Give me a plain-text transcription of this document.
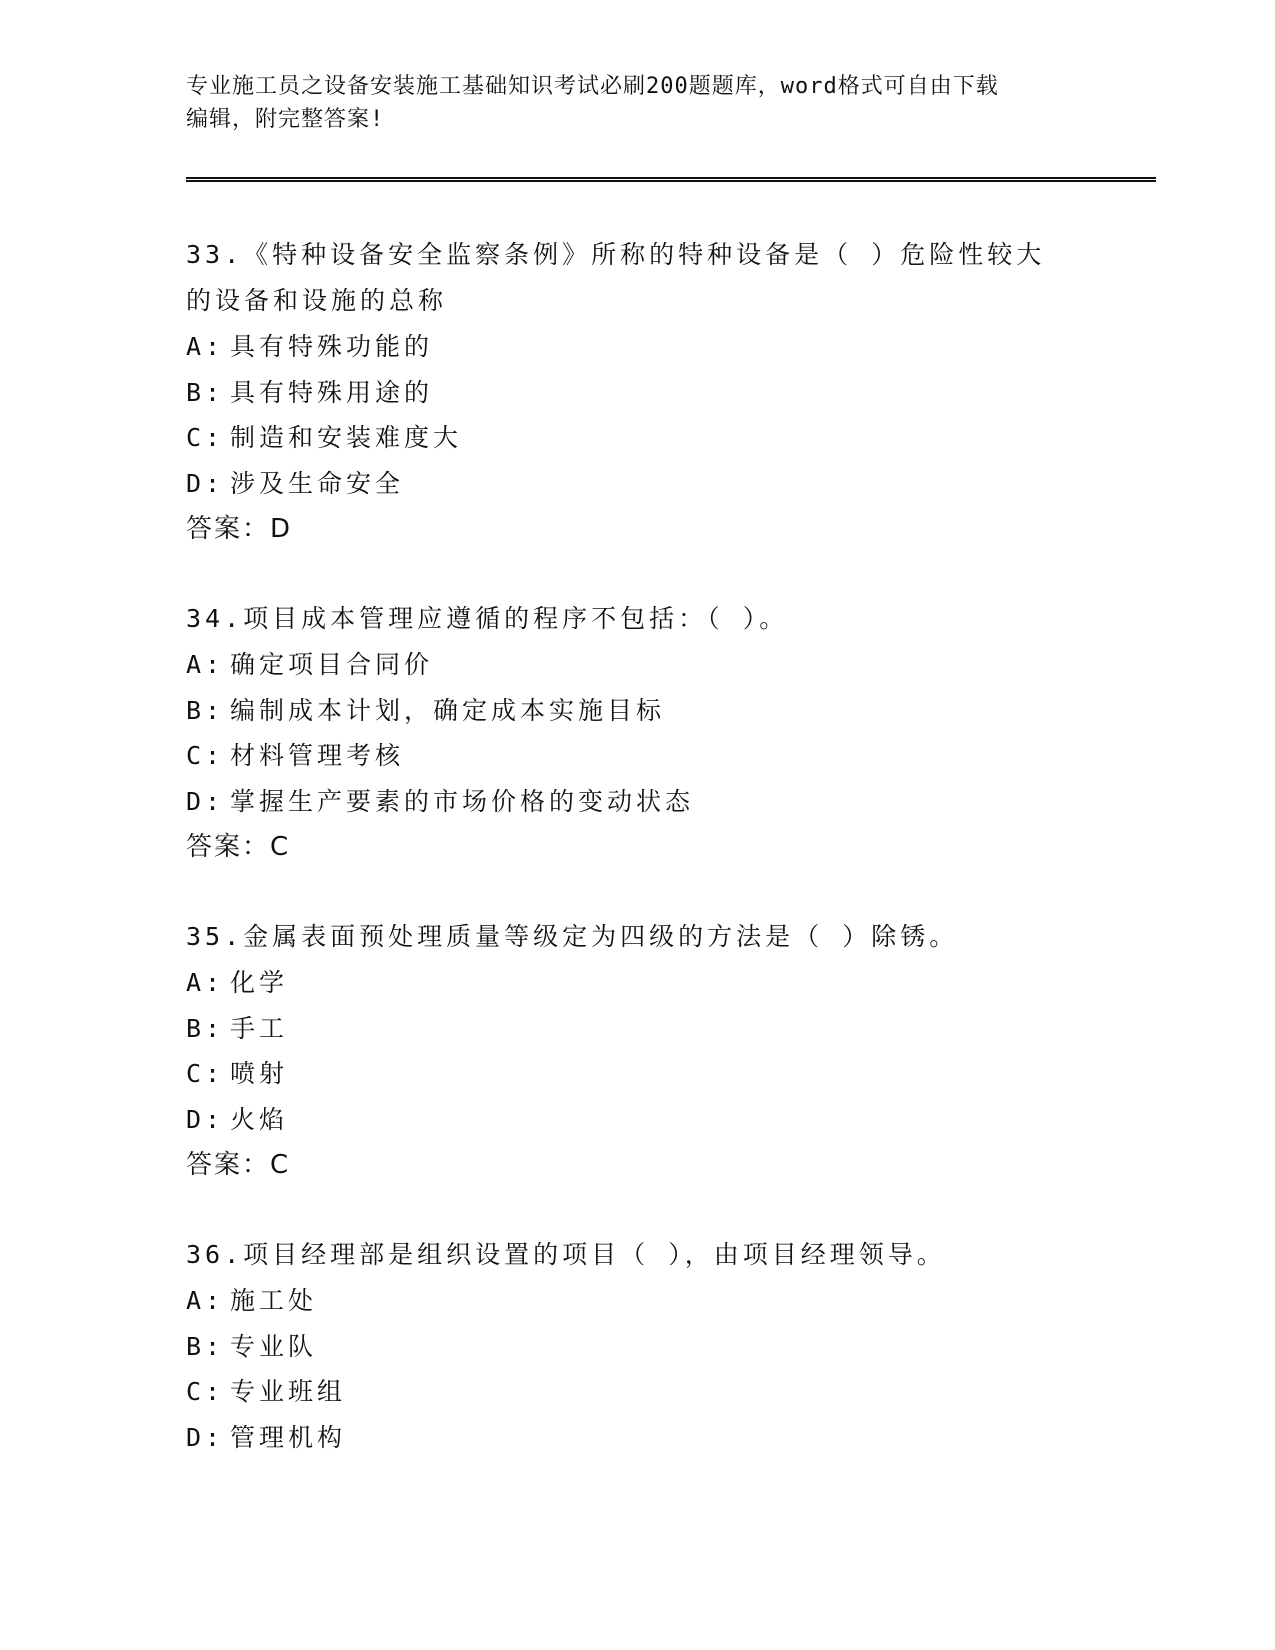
专业施工员之设备安装施工基础知识考试必刷200题题库，word格式可自由下载
编辑，附完整答案!
33.《特种设备安全监察条例》所称的特种设备是（ ）危险性较大的设备和设施的总称
A: 具有特殊功能的
B: 具有特殊用途的
C: 制造和安装难度大
D: 涉及生命安全
答案：D
34.项目成本管理应遵循的程序不包括：（ ）。
A: 确定项目合同价
B: 编制成本计划，确定成本实施目标
C: 材料管理考核
D: 掌握生产要素的市场价格的变动状态
答案：C
35.金属表面预处理质量等级定为四级的方法是（ ）除锈。
A: 化学
B: 手工
C: 喷射
D: 火焰
答案：C
36.项目经理部是组织设置的项目（ ），由项目经理领导。
A: 施工处
B: 专业队
C: 专业班组
D: 管理机构
